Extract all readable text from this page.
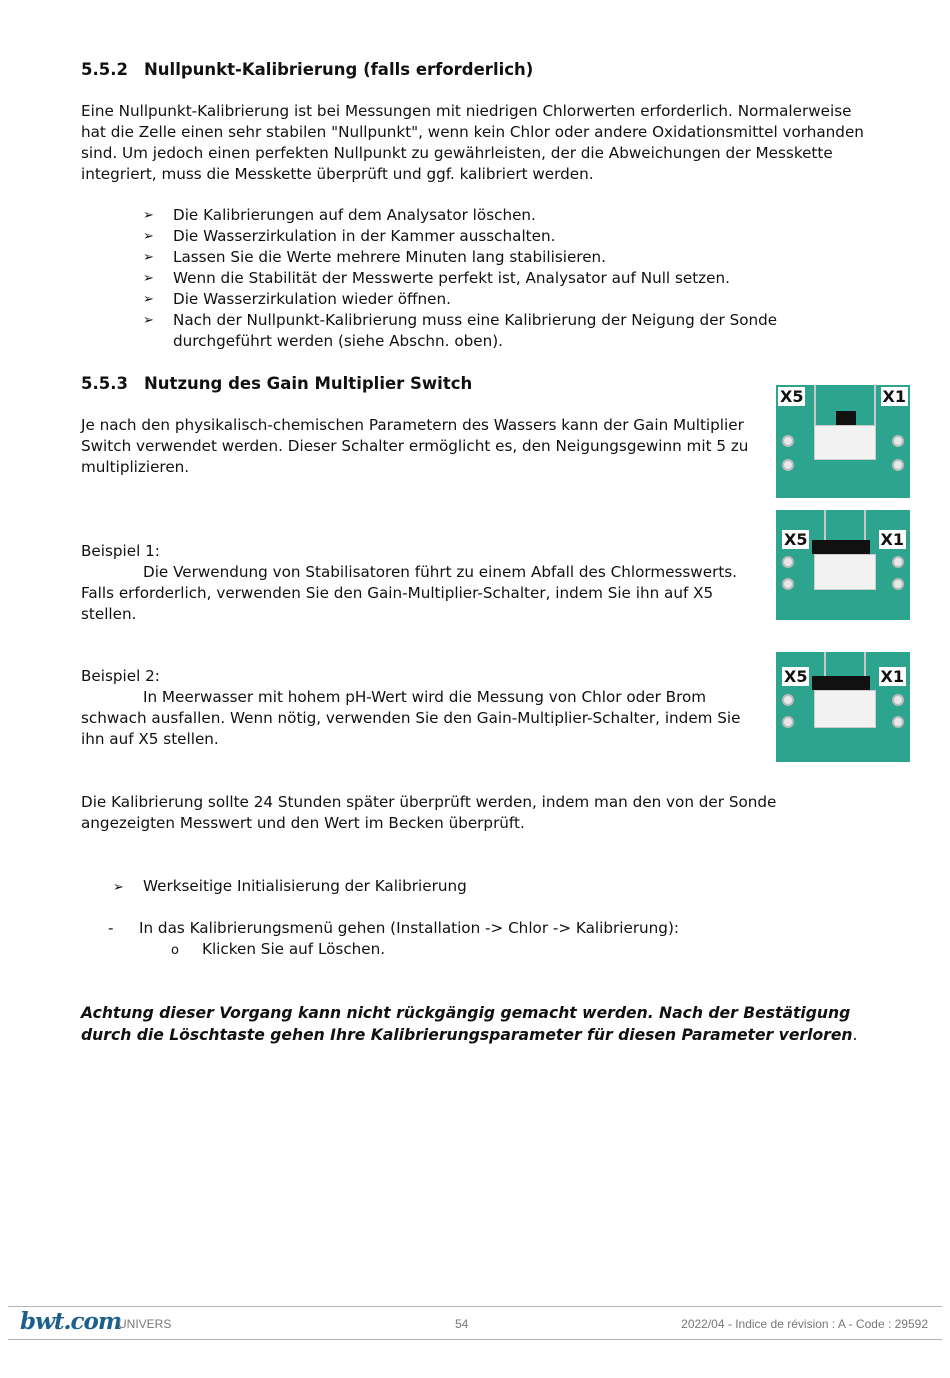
5.5.2 Nullpunkt-Kalibrierung (falls erforderlich)
Eine Nullpunkt-Kalibrierung ist bei Messungen mit niedrigen Chlorwerten erforderlich. Normalerweise hat die Zelle einen sehr stabilen "Nullpunkt", wenn kein Chlor oder andere Oxidationsmittel vorhanden sind. Um jedoch einen perfekten Nullpunkt zu gewährleisten, der die Abweichungen der Messkette integriert, muss die Messkette überprüft und ggf. kalibriert werden.
➢ Die Kalibrierungen auf dem Analysator löschen.
➢ Die Wasserzirkulation in der Kammer ausschalten.
➢ Lassen Sie die Werte mehrere Minuten lang stabilisieren.
➢ Wenn die Stabilität der Messwerte perfekt ist, Analysator auf Null setzen.
➢ Die Wasserzirkulation wieder öffnen.
➢ Nach der Nullpunkt-Kalibrierung muss eine Kalibrierung der Neigung der Sonde durchgeführt werden (siehe Abschn. oben).
5.5.3 Nutzung des Gain Multiplier Switch
Je nach den physikalisch-chemischen Parametern des Wassers kann der Gain Multiplier Switch verwendet werden. Dieser Schalter ermöglicht es, den Neigungsgewinn mit 5 zu multiplizieren.
Beispiel 1:
Die Verwendung von Stabilisatoren führt zu einem Abfall des Chlormesswerts.
Falls erforderlich, verwenden Sie den Gain-Multiplier-Schalter, indem Sie ihn auf X5 stellen.
Beispiel 2:
In Meerwasser mit hohem pH-Wert wird die Messung von Chlor oder Brom
schwach ausfallen. Wenn nötig, verwenden Sie den Gain-Multiplier-Schalter, indem Sie ihn auf X5 stellen.
X5	X1
X5	X1
X5	X1
Die Kalibrierung sollte 24 Stunden später überprüft werden, indem man den von der Sonde angezeigten Messwert und den Wert im Becken überprüft.
➢ Werkseitige Initialisierung der Kalibrierung
- In das Kalibrierungsmenü gehen (Installation -> Chlor -> Kalibrierung):
o Klicken Sie auf Löschen.
Achtung dieser Vorgang kann nicht rückgängig gemacht werden. Nach der Bestätigung durch die Löschtaste gehen Ihre Kalibrierungsparameter für diesen Parameter verloren.
bwt.com
UNIVERS	54	2022/04 - Indice de révision : A - Code : 29592
